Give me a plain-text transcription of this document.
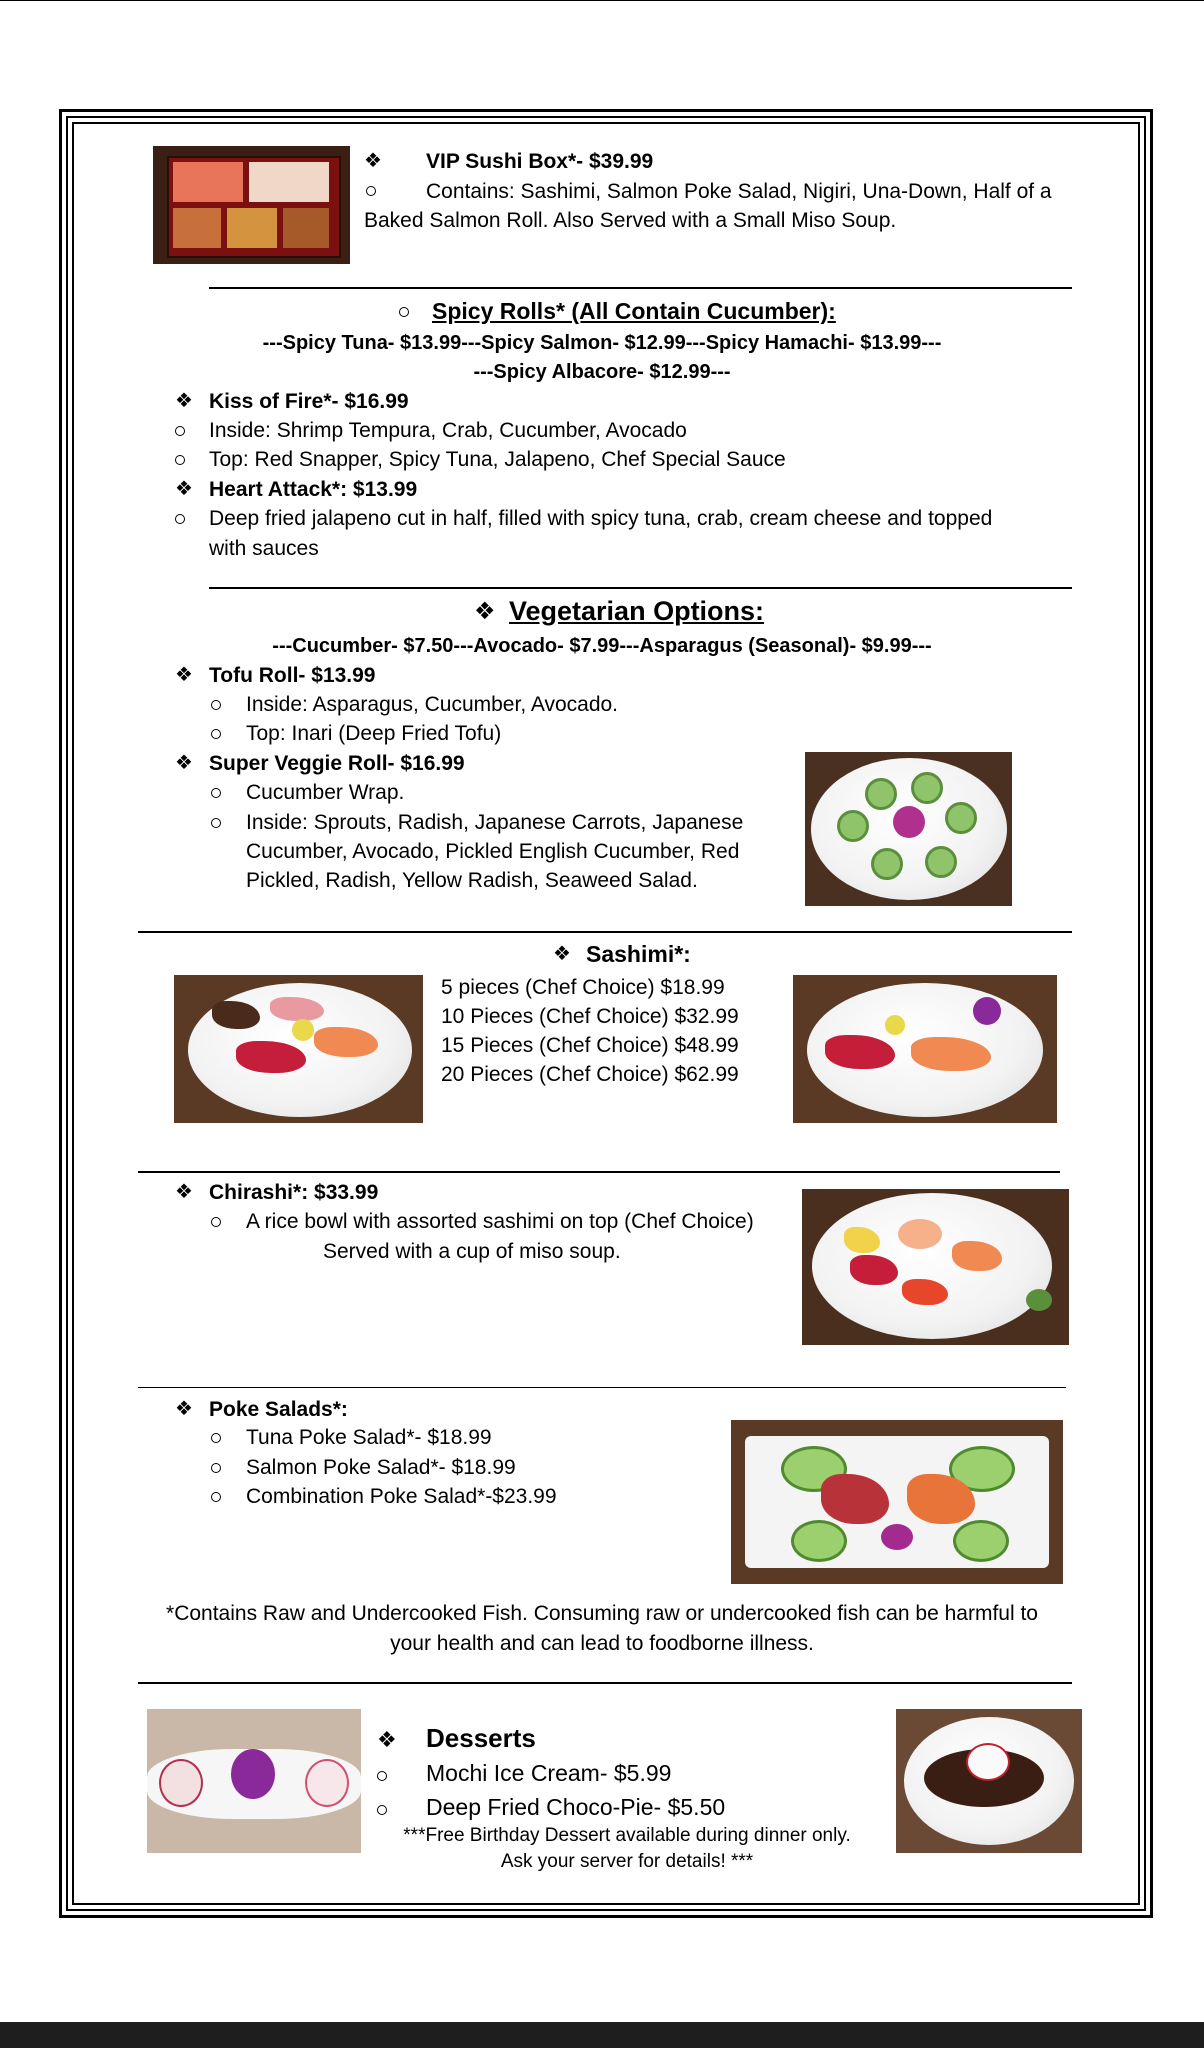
❖ VIP Sushi Box*- $39.99
Contains: Sashimi, Salmon Poke Salad, Nigiri, Una-Down, Half of a
Baked Salmon Roll. Also Served with a Small Miso Soup.
Spicy Rolls* (All Contain Cucumber):
---Spicy Tuna- $13.99---Spicy Salmon- $12.99---Spicy Hamachi- $13.99---
---Spicy Albacore- $12.99---
❖ Kiss of Fire*- $16.99
Inside: Shrimp Tempura, Crab, Cucumber, Avocado
Top: Red Snapper, Spicy Tuna, Jalapeno, Chef Special Sauce
❖ Heart Attack*: $13.99
Deep fried jalapeno cut in half, filled with spicy tuna, crab, cream cheese and topped
with sauces
❖ Vegetarian Options:
---Cucumber- $7.50---Avocado- $7.99---Asparagus (Seasonal)- $9.99---
❖ Tofu Roll- $13.99
Inside: Asparagus, Cucumber, Avocado.
Top: Inari (Deep Fried Tofu)
❖ Super Veggie Roll- $16.99
Cucumber Wrap.
Inside: Sprouts, Radish, Japanese Carrots, Japanese
Cucumber, Avocado, Pickled English Cucumber, Red
Pickled, Radish, Yellow Radish, Seaweed Salad.
❖ Sashimi*:
5 pieces (Chef Choice) $18.99
10 Pieces (Chef Choice) $32.99
15 Pieces (Chef Choice) $48.99
20 Pieces (Chef Choice) $62.99
❖ Chirashi*: $33.99
A rice bowl with assorted sashimi on top (Chef Choice)
Served with a cup of miso soup.
❖ Poke Salads*:
Tuna Poke Salad*- $18.99
Salmon Poke Salad*- $18.99
Combination Poke Salad*-$23.99
*Contains Raw and Undercooked Fish. Consuming raw or undercooked fish can be harmful to
your health and can lead to foodborne illness.
❖ Desserts
Mochi Ice Cream- $5.99
Deep Fried Choco-Pie- $5.50
***Free Birthday Dessert available during dinner only.
Ask your server for details! ***
